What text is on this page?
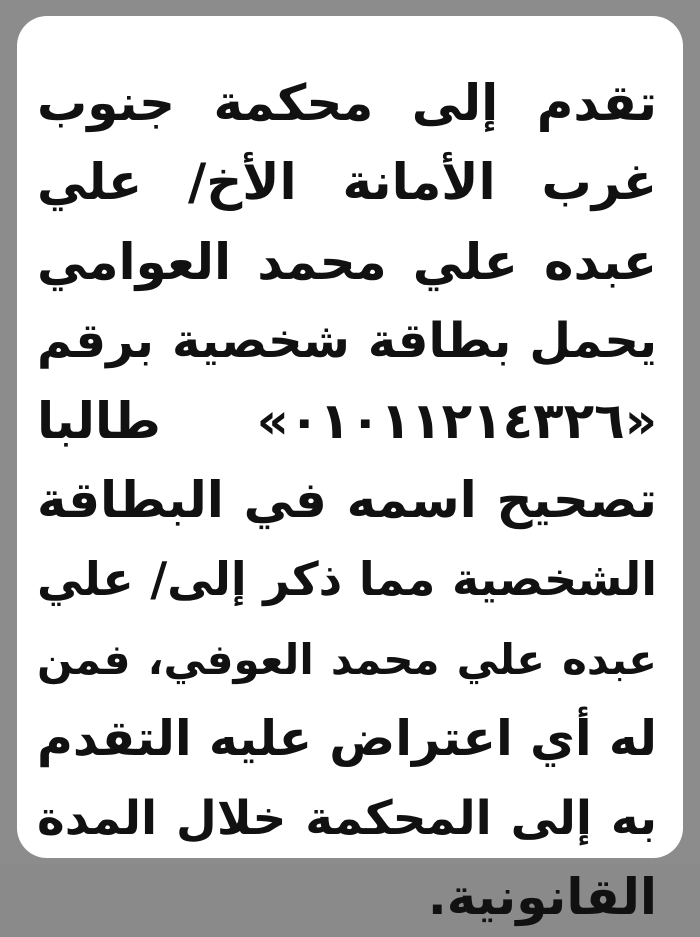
تقدم إلى محكمة جنوب
غرب الأمانة الأخ/ علي
عبده علي محمد العوامي
يحمل بطاقة شخصية برقم
«٠١٠١١٢١٤٣٢٦» طالبا
تصحيح اسمه في البطاقة
الشخصية مما ذكر إلى/ علي
عبده علي محمد العوفي، فمن
له أي اعتراض عليه التقدم
به إلى المحكمة خلال المدة
القانونية.
